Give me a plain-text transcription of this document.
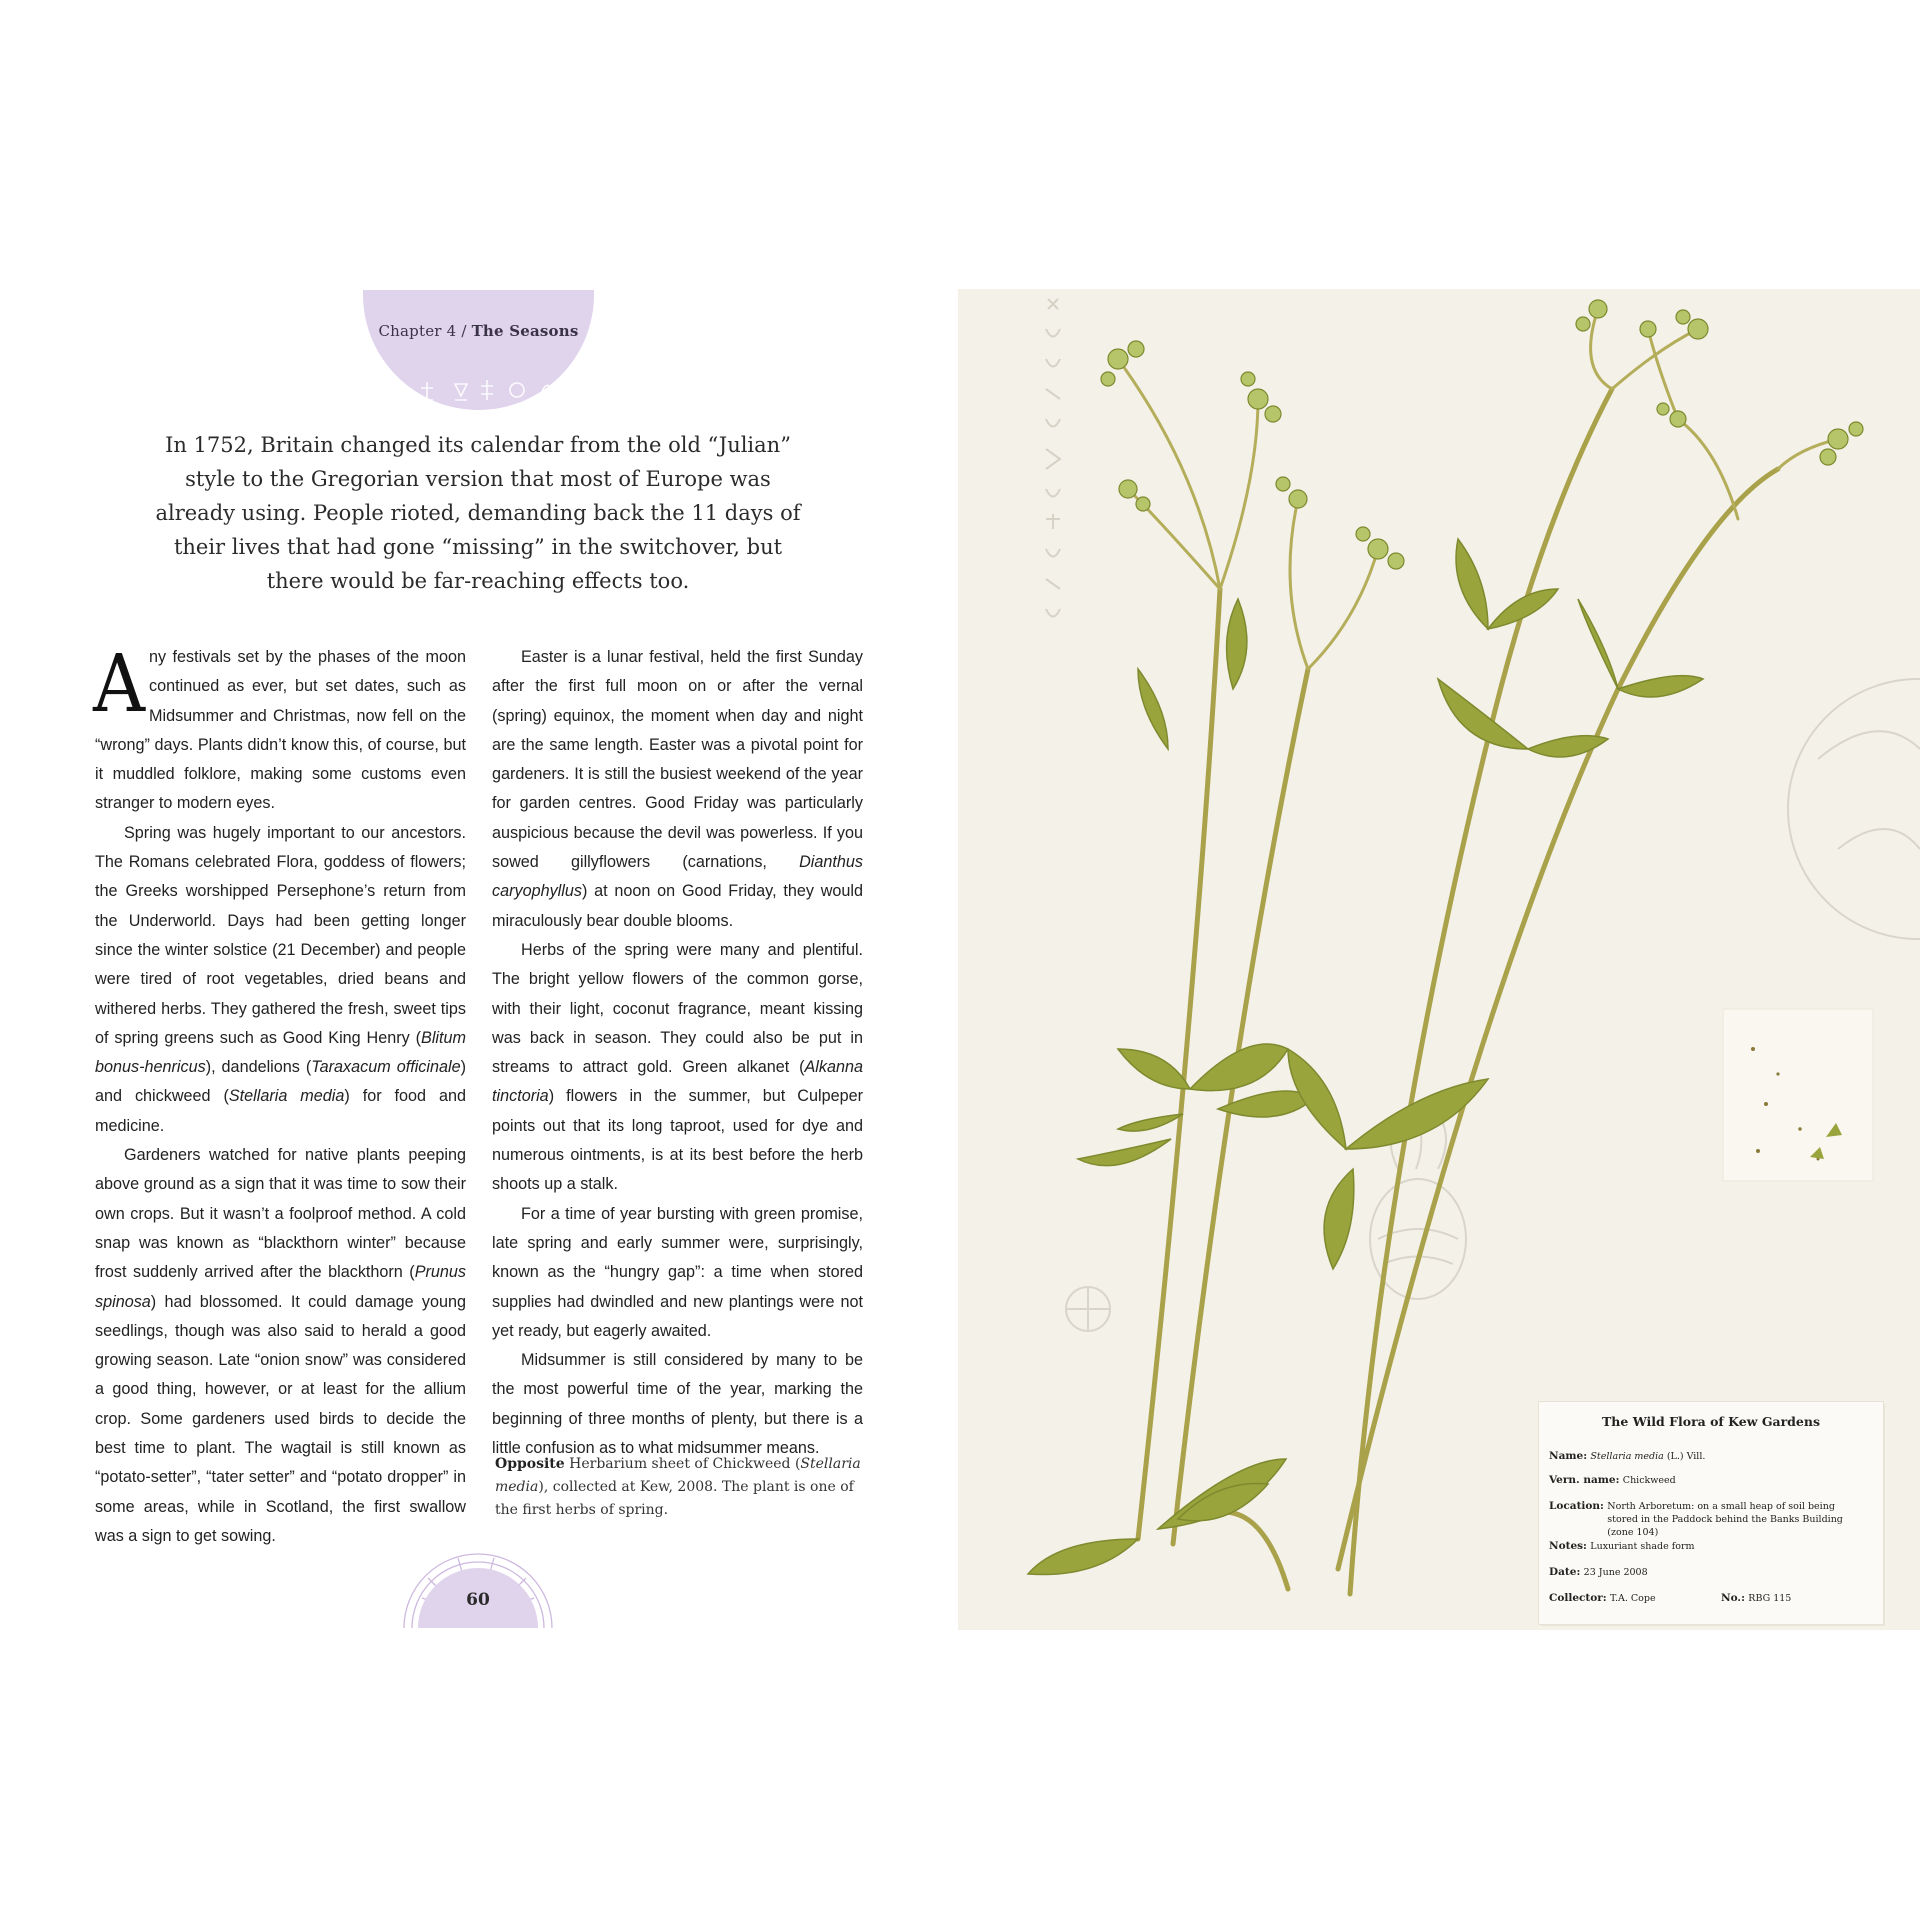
Chapter 4 / The Seasons

In 1752, Britain changed its calendar from the old “Julian” style to the Gregorian version that most of Europe was already using. People rioted, demanding back the 11 days of their lives that had gone “missing” in the switchover, but there would be far-reaching effects too.

Any festivals set by the phases of the moon continued as ever, but set dates, such as Midsummer and Christmas, now fell on the “wrong” days. Plants didn’t know this, of course, but it muddled folklore, making some customs even stranger to modern eyes.

Spring was hugely important to our ancestors. The Romans celebrated Flora, goddess of flowers; the Greeks worshipped Persephone’s return from the Underworld. Days had been getting longer since the winter solstice (21 December) and people were tired of root vegetables, dried beans and withered herbs. They gathered the fresh, sweet tips of spring greens such as Good King Henry (Blitum bonus-henricus), dandelions (Taraxacum officinale) and chickweed (Stellaria media) for food and medicine.

Gardeners watched for native plants peeping above ground as a sign that it was time to sow their own crops. But it wasn’t a foolproof method. A cold snap was known as “blackthorn winter” because frost suddenly arrived after the blackthorn (Prunus spinosa) had blossomed. It could damage young seedlings, though was also said to herald a good growing season. Late “onion snow” was considered a good thing, however, or at least for the allium crop. Some gardeners used birds to decide the best time to plant. The wagtail is still known as “potato-setter”, “tater setter” and “potato dropper” in some areas, while in Scotland, the first swallow was a sign to get sowing.

Easter is a lunar festival, held the first Sunday after the first full moon on or after the vernal (spring) equinox, the moment when day and night are the same length. Easter was a pivotal point for gardeners. It is still the busiest weekend of the year for garden centres. Good Friday was particularly auspicious because the devil was powerless. If you sowed gillyflowers (carnations, Dianthus caryophyllus) at noon on Good Friday, they would miraculously bear double blooms.

Herbs of the spring were many and plentiful. The bright yellow flowers of the common gorse, with their light, coconut fragrance, meant kissing was back in season. They could also be put in streams to attract gold. Green alkanet (Alkanna tinctoria) flowers in the summer, but Culpeper points out that its long taproot, used for dye and numerous ointments, is at its best before the herb shoots up a stalk.

For a time of year bursting with green promise, late spring and early summer were, surprisingly, known as the “hungry gap”: a time when stored supplies had dwindled and new plantings were not yet ready, but eagerly awaited.

Midsummer is still considered by many to be the most powerful time of the year, marking the beginning of three months of plenty, but there is a little confusion as to what midsummer means.

Opposite Herbarium sheet of Chickweed (Stellaria media), collected at Kew, 2008. The plant is one of the first herbs of spring.

60
The Wild Flora of Kew Gardens
Name: Stellaria media (L.) Vill.
Vern. name: Chickweed
Location: North Arboretum: on a small heap of soil being stored in the Paddock behind the Banks Building (zone 104)
Notes: Luxuriant shade form
Date: 23 June 2008
Collector: T.A. Cope	No.: RBG 115
